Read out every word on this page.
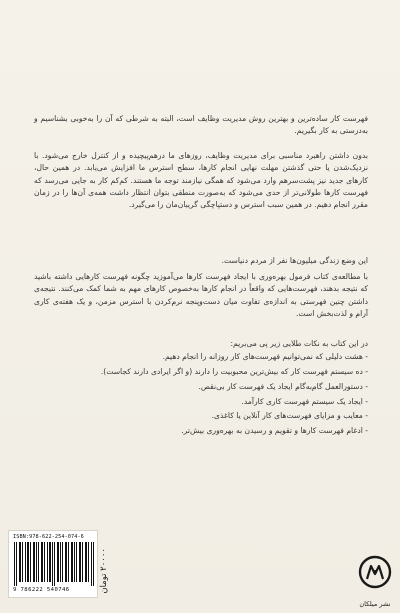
فهرست کار ساده‌ترین و بهترین روش مدیریت وظایف است، البته به شرطی که آن را به‌خوبی بشناسیم و به‌درستی به کار بگیریم.

بدون داشتن راهبرد مناسبی برای مدیریت وظایف، روزهای ما درهم‌پیچیده و از کنترل خارج می‌شود. با نزدیک‌شدن یا حتی گذشتن مهلت نهایی انجام کارها، سطح استرس ما افزایش می‌یابد. در همین حال، کارهای جدید نیز پشت‌سرهم وارد می‌شود که همگی نیازمند توجه ما هستند. کم‌کم کار به جایی می‌رسد که فهرست کارها طولانی‌تر از حدی می‌شود که به‌صورت منطقی بتوان انتظار داشت همه‌ی آن‌ها را در زمان مقرر انجام دهیم. در همین سبب استرس و دستپاچگی گریبان‌مان را می‌گیرد.

این وضع زندگی میلیون‌ها نفر از مردم دنیاست.

با مطالعه‌ی کتاب فرمول بهره‌وری با ایجاد فهرست کارها می‌آموزید چگونه فهرست کارهایی داشته باشید که نتیجه بدهند، فهرست‌هایی که واقعاً در انجام کارها به‌خصوص کارهای مهم به شما کمک می‌کنند. نتیجه‌ی داشتن چنین فهرستی به اندازه‌ی تفاوت میان دست‌وپنجه نرم‌کردن با استرس مزمن، و یک هفته‌ی کاری آرام و لذت‌بخش است.

در این کتاب به نکات طلایی زیر پی می‌بریم:

- هشت دلیلی که نمی‌توانیم فهرست‌های کار روزانه را انجام دهیم.
- ده سیستم فهرست کار که بیش‌ترین محبوبیت را دارند (و اگر ایرادی دارند کجاست).
- دستورالعمل گام‌به‌گام ایجاد یک فهرست کار بی‌نقص.
- ایجاد یک سیستم فهرست کاری کارآمد.
- معایب و مزایای فهرست‌های کار آنلاین یا کاغذی.
- ادغام فهرست کارها و تقویم و رسیدن به بهره‌وری بیش‌تر.
ISBN:978-622-254-074-6
9 786222 540746	۲۰۰۰۰ تومان
نشر میلکان
